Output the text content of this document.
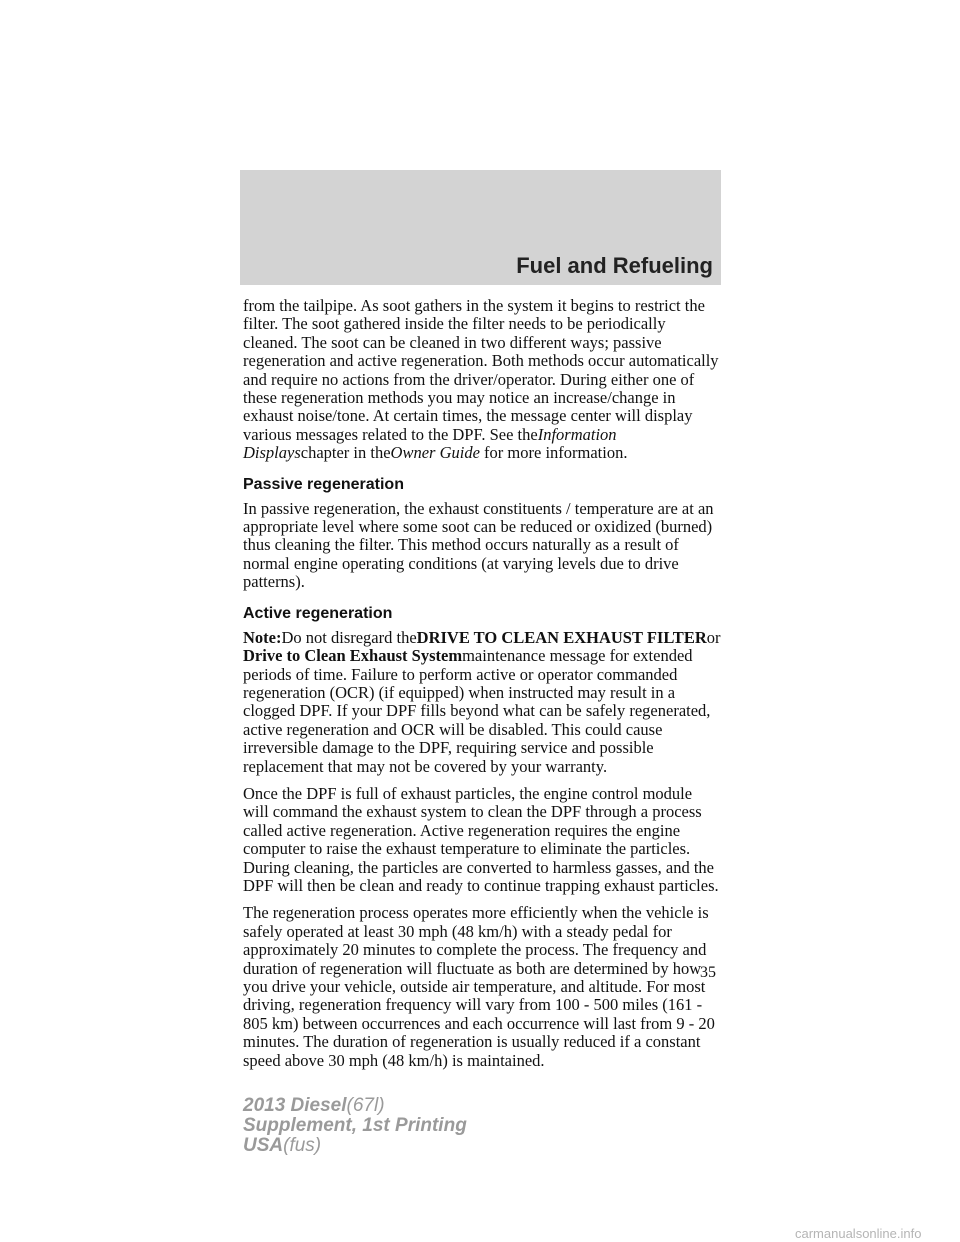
Fuel and Refueling

from the tailpipe. As soot gathers in the system it begins to restrict the filter. The soot gathered inside the filter needs to be periodically cleaned. The soot can be cleaned in two different ways; passive regeneration and active regeneration. Both methods occur automatically and require no actions from the driver/operator. During either one of these regeneration methods you may notice an increase/change in exhaust noise/tone. At certain times, the message center will display various messages related to the DPF. See theInformation Displayschapter in theOwner Guide for more information.

Passive regeneration

In passive regeneration, the exhaust constituents / temperature are at an appropriate level where some soot can be reduced or oxidized (burned) thus cleaning the filter. This method occurs naturally as a result of normal engine operating conditions (at varying levels due to drive patterns).

Active regeneration

Note:Do not disregard theDRIVE TO CLEAN EXHAUST FILTERor Drive to Clean Exhaust Systemmaintenance message for extended periods of time. Failure to perform active or operator commanded regeneration (OCR) (if equipped) when instructed may result in a clogged DPF. If your DPF fills beyond what can be safely regenerated, active regeneration and OCR will be disabled. This could cause irreversible damage to the DPF, requiring service and possible replacement that may not be covered by your warranty.

Once the DPF is full of exhaust particles, the engine control module will command the exhaust system to clean the DPF through a process called active regeneration. Active regeneration requires the engine computer to raise the exhaust temperature to eliminate the particles. During cleaning, the particles are converted to harmless gasses, and the DPF will then be clean and ready to continue trapping exhaust particles.

The regeneration process operates more efficiently when the vehicle is safely operated at least 30 mph (48 km/h) with a steady pedal for approximately 20 minutes to complete the process. The frequency and duration of regeneration will fluctuate as both are determined by how you drive your vehicle, outside air temperature, and altitude. For most driving, regeneration frequency will vary from 100 - 500 miles (161 - 805 km) between occurrences and each occurrence will last from 9 - 20 minutes. The duration of regeneration is usually reduced if a constant speed above 30 mph (48 km/h) is maintained.

35
2013 Diesel(67l)
Supplement, 1st Printing
USA(fus)
carmanualsonline.info
